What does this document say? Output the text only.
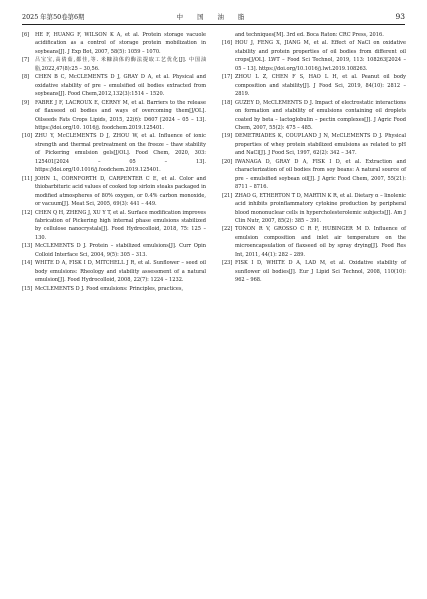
2025 年第50卷第6期	中 国 油 脂	93

[6] HE F, HUANG F, WILSON K A, et al. Protein storage vacuole acidification as a control of storage protein mobilization in soybeans[J]. J Exp Bot, 2007, 58(5): 1059 – 1070.

[7] 吕宝宝,高倩茹,都佳,等. 米糠油体的酶法提取工艺优化[J]. 中国油脂,2022,47(8):25 – 30,56.

[8] CHEN B C, McCLEMENTS D J, GRAY D A, et al. Physical and oxidative stability of pre – emulsified oil bodies extracted from soybeans[J]. Food Chem,2012,132(3):1514 – 1520.

[9] FABRE J F, LACROUX E, CERNY M, et al. Barriers to the release of flaxseed oil bodies and ways of overcoming them[J/OL]. Oilseeds Fats Crops Lipids, 2015, 22(6): D607 [2024 – 05 – 13]. https://doi.org/10. 1016/j. foodchem.2019.125401.

[10] ZHU Y, McCLEMENTS D J, ZHOU W, et al. Influence of ionic strength and thermal pretreatment on the freeze – thaw stability of Pickering emulsion gels[J/OL]. Food Chem, 2020, 303: 125401[2024 – 05 – 13]. https://doi.org/10.1016/j.foodchem.2019.125401.

[11] JOHN L, CORNFORTH D, CARPENTER C E, et al. Color and thiobarbituric acid values of cooked top sirloin steaks packaged in modified atmospheres of 80% oxygen, or 0.4% carbon monoxide, or vacuum[J]. Meat Sci, 2005, 69(3): 441 – 449.

[12] CHEN Q H, ZHENG J, XU Y T, et al. Surface modification improves fabrication of Pickering high internal phase emulsions stabilized by cellulose nanocrystals[J]. Food Hydrocolloid, 2018, 75: 125 – 130.

[13] McCLEMENTS D J. Protein – stabilized emulsions[J]. Curr Opin Colloid Interface Sci, 2004, 9(5): 305 – 313.

[14] WHITE D A, FISK I D, MITCHELL J R, et al. Sunflower – seed oil body emulsions: Rheology and stability assessment of a natural emulsion[J]. Food Hydrocolloid, 2008, 22(7): 1224 – 1232.

[15] McCLEMENTS D J. Food emulsions: Principles, practices,

and techniques[M]. 3rd ed. Boca Raton: CRC Press, 2016.

[16] HOU J, FENG X, JIANG M, et al. Effect of NaCl on oxidative stability and protein properties of oil bodies from different oil crops[J/OL]. LWT – Food Sci Technol, 2019, 113: 108263[2024 – 05 – 13]. https://doi.org/10.1016/j.lwt.2019.108263.

[17] ZHOU L Z, CHEN F S, HAO L H, et al. Peanut oil body composition and stability[J]. J Food Sci, 2019, 84(10): 2812 – 2819.

[18] GUZEY D, McCLEMENTS D J. Impact of electrostatic interactions on formation and stability of emulsions containing oil droplets coated by beta – lactoglobulin – pectin complexes[J]. J Agric Food Chem, 2007, 55(2): 475 – 485.

[19] DEMETRIADES K, COUPLAND J N, McCLEMENTS D J. Physical properties of whey protein stabilized emulsions as related to pH and NaCl[J]. J Food Sci, 1997, 62(2): 342 – 347.

[20] IWANAGA D, GRAY D A, FISK I D, et al. Extraction and characterization of oil bodies from soy beans: A natural source of pre – emulsified soybean oil[J]. J Agric Food Chem, 2007, 55(21): 8711 – 8716.

[21] ZHAO G, ETHERTON T D, MARTIN K R, et al. Dietary α – linolenic acid inhibits proinflammatory cytokine production by peripheral blood mononuclear cells in hypercholesterolemic subjects[J]. Am J Clin Nutr, 2007, 85(2): 385 – 391.

[22] TONON R V, GROSSO C R F, HUBINGER M D. Influence of emulsion composition and inlet air temperature on the microencapsulation of flaxseed oil by spray drying[J]. Food Res Int, 2011, 44(1): 282 – 289.

[23] FISK I D, WHITE D A, LAD M, et al. Oxidative stability of sunflower oil bodies[J]. Eur J Lipid Sci Technol, 2008, 110(10): 962 – 968.
